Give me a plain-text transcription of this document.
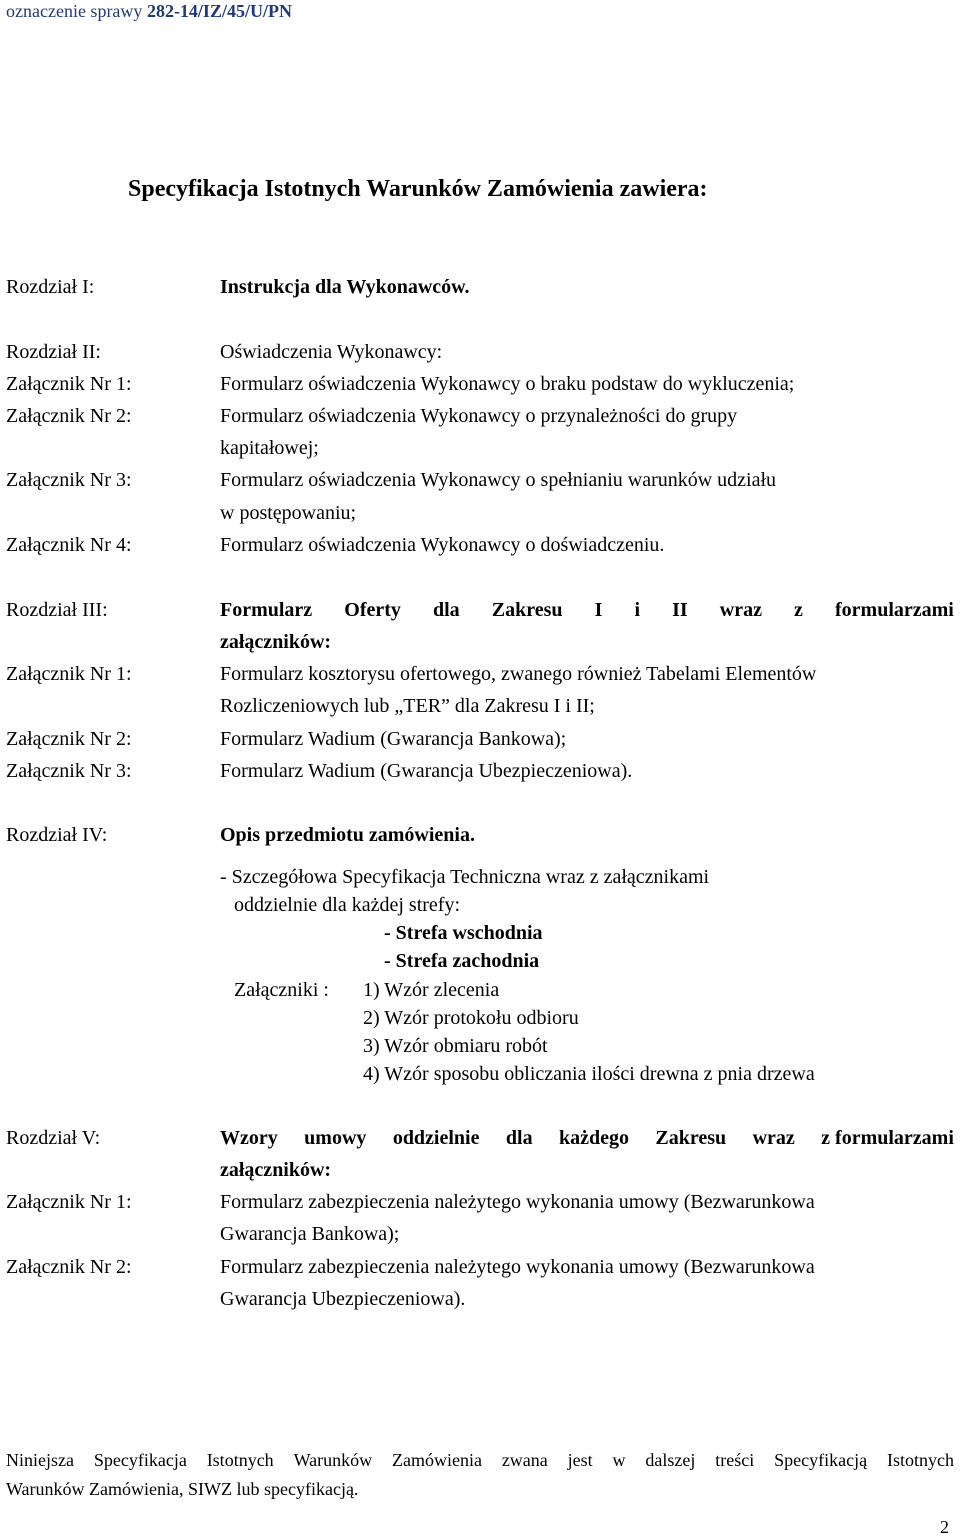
oznaczenie sprawy 282-14/IZ/45/U/PN
Specyfikacja Istotnych Warunków Zamówienia zawiera:
Rozdział I:	Instrukcja dla Wykonawców.
Rozdział II:	Oświadczenia Wykonawcy:
Załącznik Nr 1:	Formularz oświadczenia Wykonawcy o braku podstaw do wykluczenia;
Załącznik Nr 2:	Formularz oświadczenia Wykonawcy o przynależności do grupy
kapitałowej;
Załącznik Nr 3:	Formularz oświadczenia Wykonawcy o spełnianiu warunków udziału
w postępowaniu;
Załącznik Nr 4:	Formularz oświadczenia Wykonawcy o doświadczeniu.
Rozdział III:	Formularz Oferty dla Zakresu I i II wraz z formularzami
załączników:
Załącznik Nr 1:	Formularz kosztorysu ofertowego, zwanego również Tabelami Elementów
Rozliczeniowych lub „TER” dla Zakresu I i II;
Załącznik Nr 2:	Formularz Wadium (Gwarancja Bankowa);
Załącznik Nr 3:	Formularz Wadium (Gwarancja Ubezpieczeniowa).
Rozdział IV:	Opis przedmiotu zamówienia.
- Szczegółowa Specyfikacja Techniczna wraz z załącznikami
oddzielnie dla każdej strefy:
- Strefa wschodnia
- Strefa zachodnia
Załączniki : 1) Wzór zlecenia
2) Wzór protokołu odbioru
3) Wzór obmiaru robót
4) Wzór sposobu obliczania ilości drewna z pnia drzewa
Rozdział V:	Wzory umowy oddzielnie dla każdego Zakresu wraz z formularzami
załączników:
Załącznik Nr 1:	Formularz zabezpieczenia należytego wykonania umowy (Bezwarunkowa
Gwarancja Bankowa);
Załącznik Nr 2:	Formularz zabezpieczenia należytego wykonania umowy (Bezwarunkowa
Gwarancja Ubezpieczeniowa).
Niniejsza Specyfikacja Istotnych Warunków Zamówienia zwana jest w dalszej treści Specyfikacją Istotnych
Warunków Zamówienia, SIWZ lub specyfikacją.
2
